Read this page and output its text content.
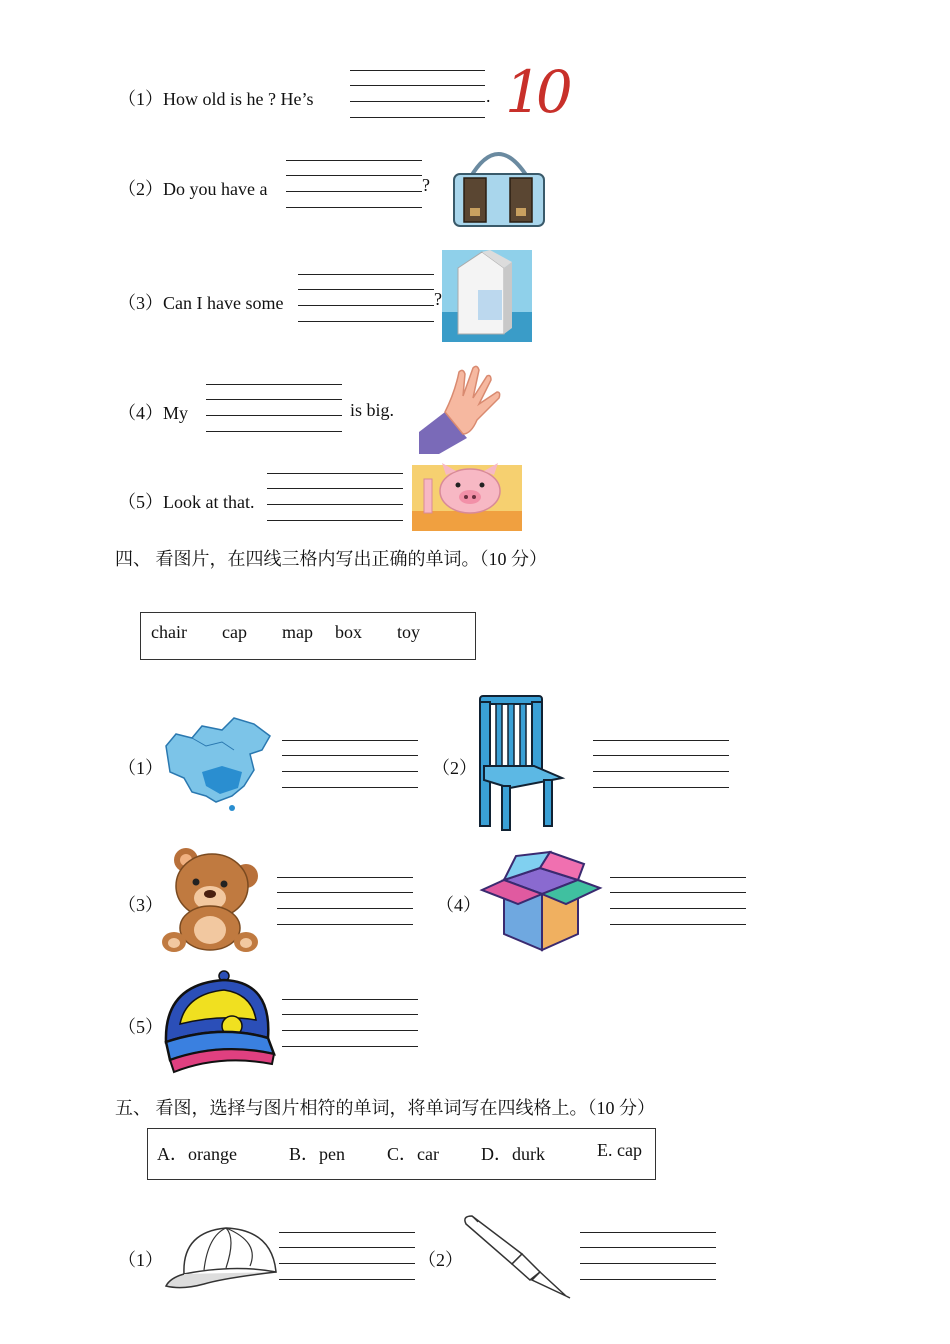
（1）How old is he ? He’s	. 10
（2）Do you have a	?
（3）Can I have some	?
（4）My	is big.
（5）Look at that.
四、 看图片，在四线三格内写出正确的单词。（10 分）
chair cap map box toy
（1）	（2）
（3）	（4）
（5）
五、 看图，选择与图片相符的单词，将单词写在四线格上。（10 分）
A．orange	B．pen C．car D．durk	E. cap
（1）	（2）
